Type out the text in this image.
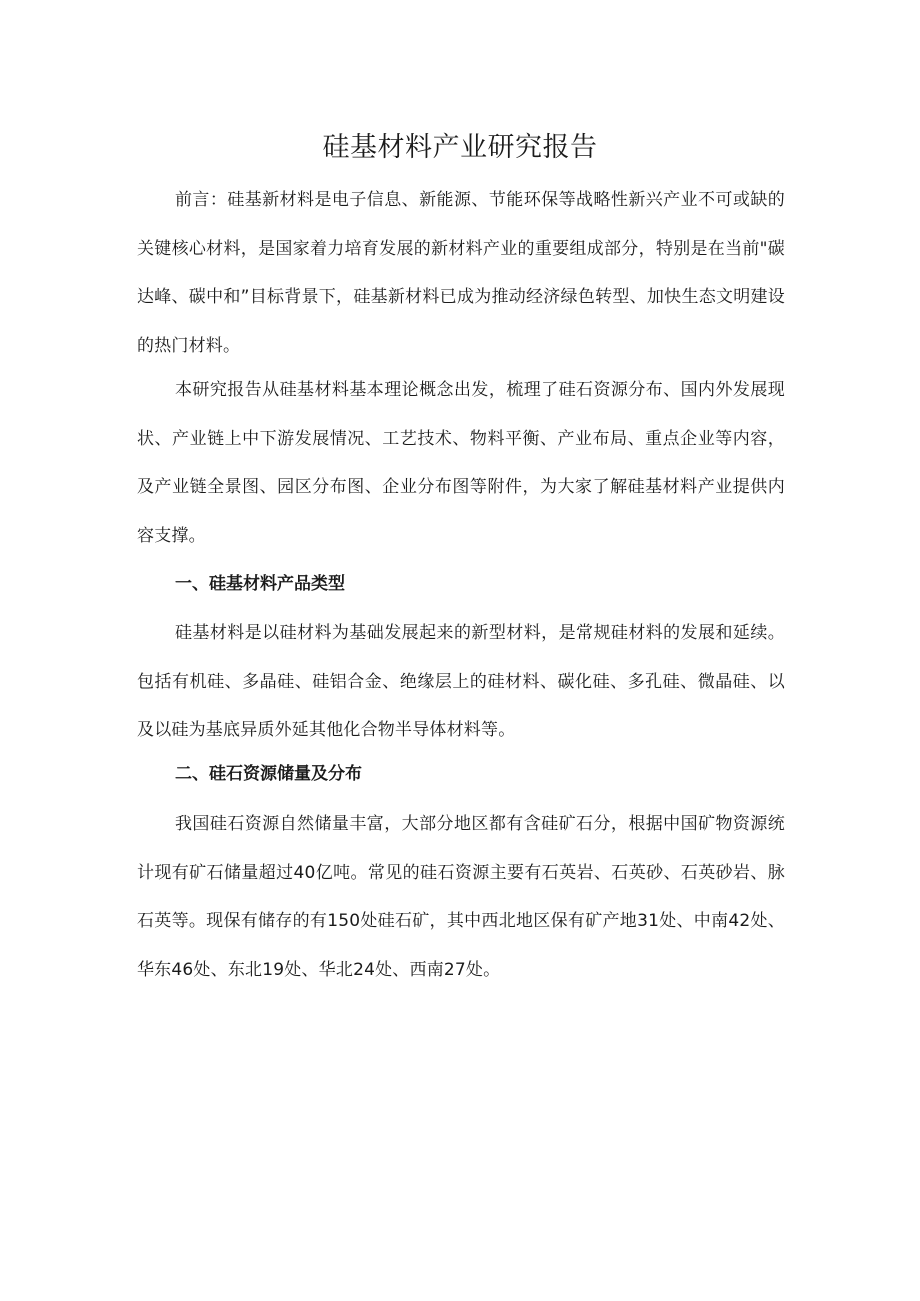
硅基材料产业研究报告

前言：硅基新材料是电子信息、新能源、节能环保等战略性新兴产业不可或缺的关键核心材料，是国家着力培育发展的新材料产业的重要组成部分，特别是在当前"碳达峰、碳中和”目标背景下，硅基新材料已成为推动经济绿色转型、加快生态文明建设的热门材料。

本研究报告从硅基材料基本理论概念出发，梳理了硅石资源分布、国内外发展现状、产业链上中下游发展情况、工艺技术、物料平衡、产业布局、重点企业等内容，及产业链全景图、园区分布图、企业分布图等附件，为大家了解硅基材料产业提供内容支撑。

一、硅基材料产品类型

硅基材料是以硅材料为基础发展起来的新型材料，是常规硅材料的发展和延续。包括有机硅、多晶硅、硅铝合金、绝缘层上的硅材料、碳化硅、多孔硅、微晶硅、以及以硅为基底异质外延其他化合物半导体材料等。

二、硅石资源储量及分布

我国硅石资源自然储量丰富，大部分地区都有含硅矿石分，根据中国矿物资源统计现有矿石储量超过40亿吨。常见的硅石资源主要有石英岩、石英砂、石英砂岩、脉石英等。现保有储存的有150处硅石矿，其中西北地区保有矿产地31处、中南42处、华东46处、东北19处、华北24处、西南27处。
